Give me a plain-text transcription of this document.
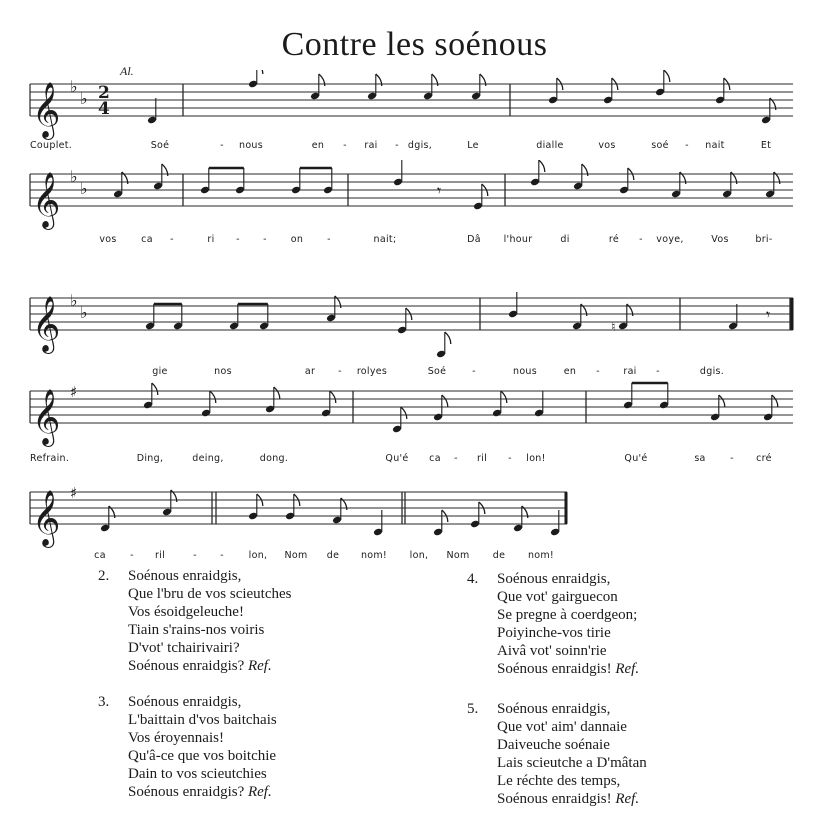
Contre les soénous
Al.
𝄞 ♭
♭ 2
4
Couplet.	Soé	- nous	en - rai - dgis,	Le	dialle	vos	soé - nait	Et
𝄞 ♭
♭	𝄾
vos	ca -	ri - -	on	-	nait;	Dâ l'hour	di	ré - voye,	Vos	bri-
𝄞 ♭
♭
♮
𝄾
gie	nos	ar - rolyes	Soé	-	nous	en - rai -	dgis.
𝄞 ♯
Refrain.	Ding,	deing,	dong.	Qu'é ca - ril - lon!	Qu'é	sa	- cré
𝄞 ♯
ca	- ril	- -	lon, Nom de nom! lon, Nom de nom!
2. Soénous enraidgis,
Que l'bru de vos scieutches
Vos ésoidgeleuche!
Tiain s'rains-nos voiris
D'vot' tchairivairi?
Soénous enraidgis? Ref.
3. Soénous enraidgis,
L'baittain d'vos baitchais
Vos éroyennais!
Qu'â-ce que vos boitchie
Dain to vos scieutchies
Soénous enraidgis? Ref.
4. Soénous enraidgis,
Que vot' gairguecon
Se pregne à coerdgeon;
Poiyinche-vos tirie
Aivâ vot' soinn'rie
Soénous enraidgis! Ref.
5. Soénous enraidgis,
Que vot' aim' dannaie
Daiveuche soénaie
Lais scieutche a D'mâtan
Le réchte des temps,
Soénous enraidgis! Ref.
